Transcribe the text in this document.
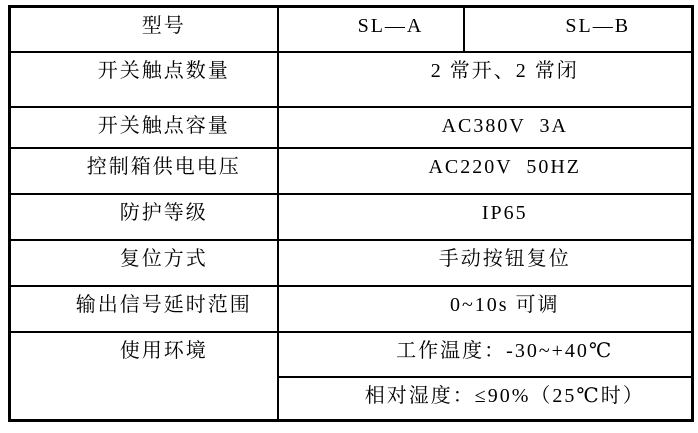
型号	SL—A	SL—B
开关触点数量	2 常开、2 常闭	
开关触点容量	AC380V  3A	
控制箱供电电压	AC220V  50HZ	
防护等级	IP65	
复位方式	手动按钮复位	
输出信号延时范围	0~10s 可调	
使用环境	工作温度：-30~+40℃	
	相对湿度：≤90%（25℃时）	
